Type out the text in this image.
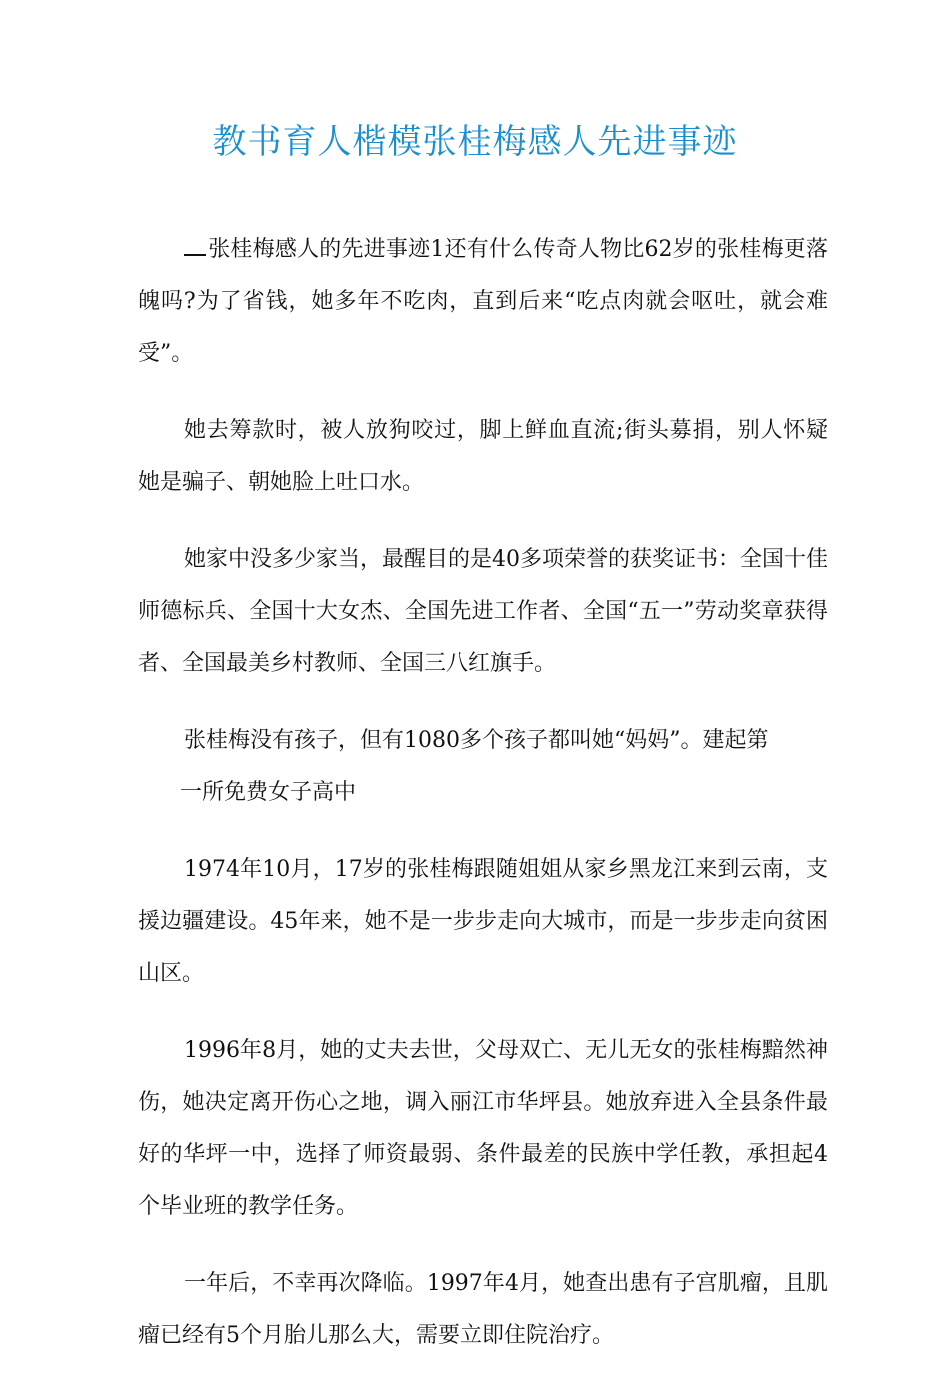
教书育人楷模张桂梅感人先进事迹

张桂梅感人的先进事迹1还有什么传奇人物比62岁的张桂梅更落魄吗?为了省钱，她多年不吃肉，直到后来“吃点肉就会呕吐，就会难受”。

她去筹款时，被人放狗咬过，脚上鲜血直流;街头募捐，别人怀疑她是骗子、朝她脸上吐口水。

她家中没多少家当，最醒目的是40多项荣誉的获奖证书：全国十佳师德标兵、全国十大女杰、全国先进工作者、全国“五一”劳动奖章获得者、全国最美乡村教师、全国三八红旗手。

张桂梅没有孩子，但有1080多个孩子都叫她“妈妈”。建起第

一所免费女子高中

1974年10月，17岁的张桂梅跟随姐姐从家乡黑龙江来到云南，支援边疆建设。45年来，她不是一步步走向大城市，而是一步步走向贫困山区。

1996年8月，她的丈夫去世，父母双亡、无儿无女的张桂梅黯然神伤，她决定离开伤心之地，调入丽江市华坪县。她放弃进入全县条件最好的华坪一中，选择了师资最弱、条件最差的民族中学任教，承担起4个毕业班的教学任务。

一年后，不幸再次降临。1997年4月，她查出患有子宫肌瘤，且肌瘤已经有5个月胎儿那么大，需要立即住院治疗。
